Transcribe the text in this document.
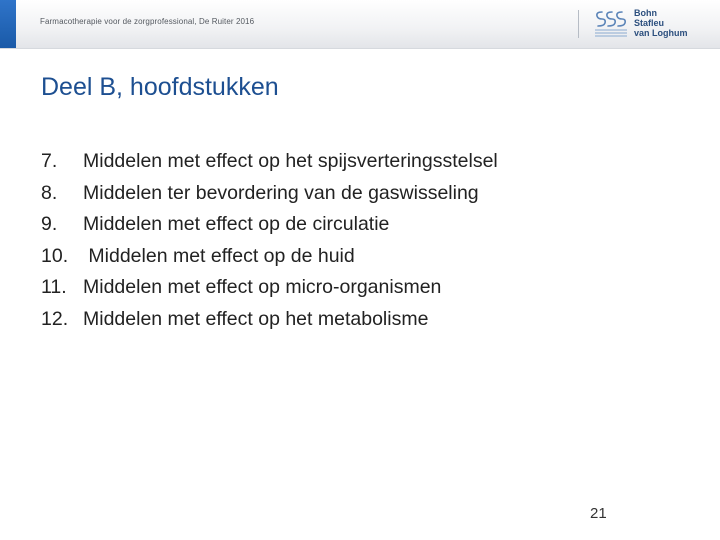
Farmacotherapie voor de zorgprofessional, De Ruiter 2016
Bohn
Stafleu
van Loghum
Deel B, hoofdstukken
7.	Middelen met effect op het spijsverteringsstelsel
8.	Middelen ter bevordering van de gaswisseling
9.	Middelen met effect op de circulatie
10. Middelen met effect op de huid
11. Middelen met effect op micro-organismen
12. Middelen met effect op het metabolisme
21
